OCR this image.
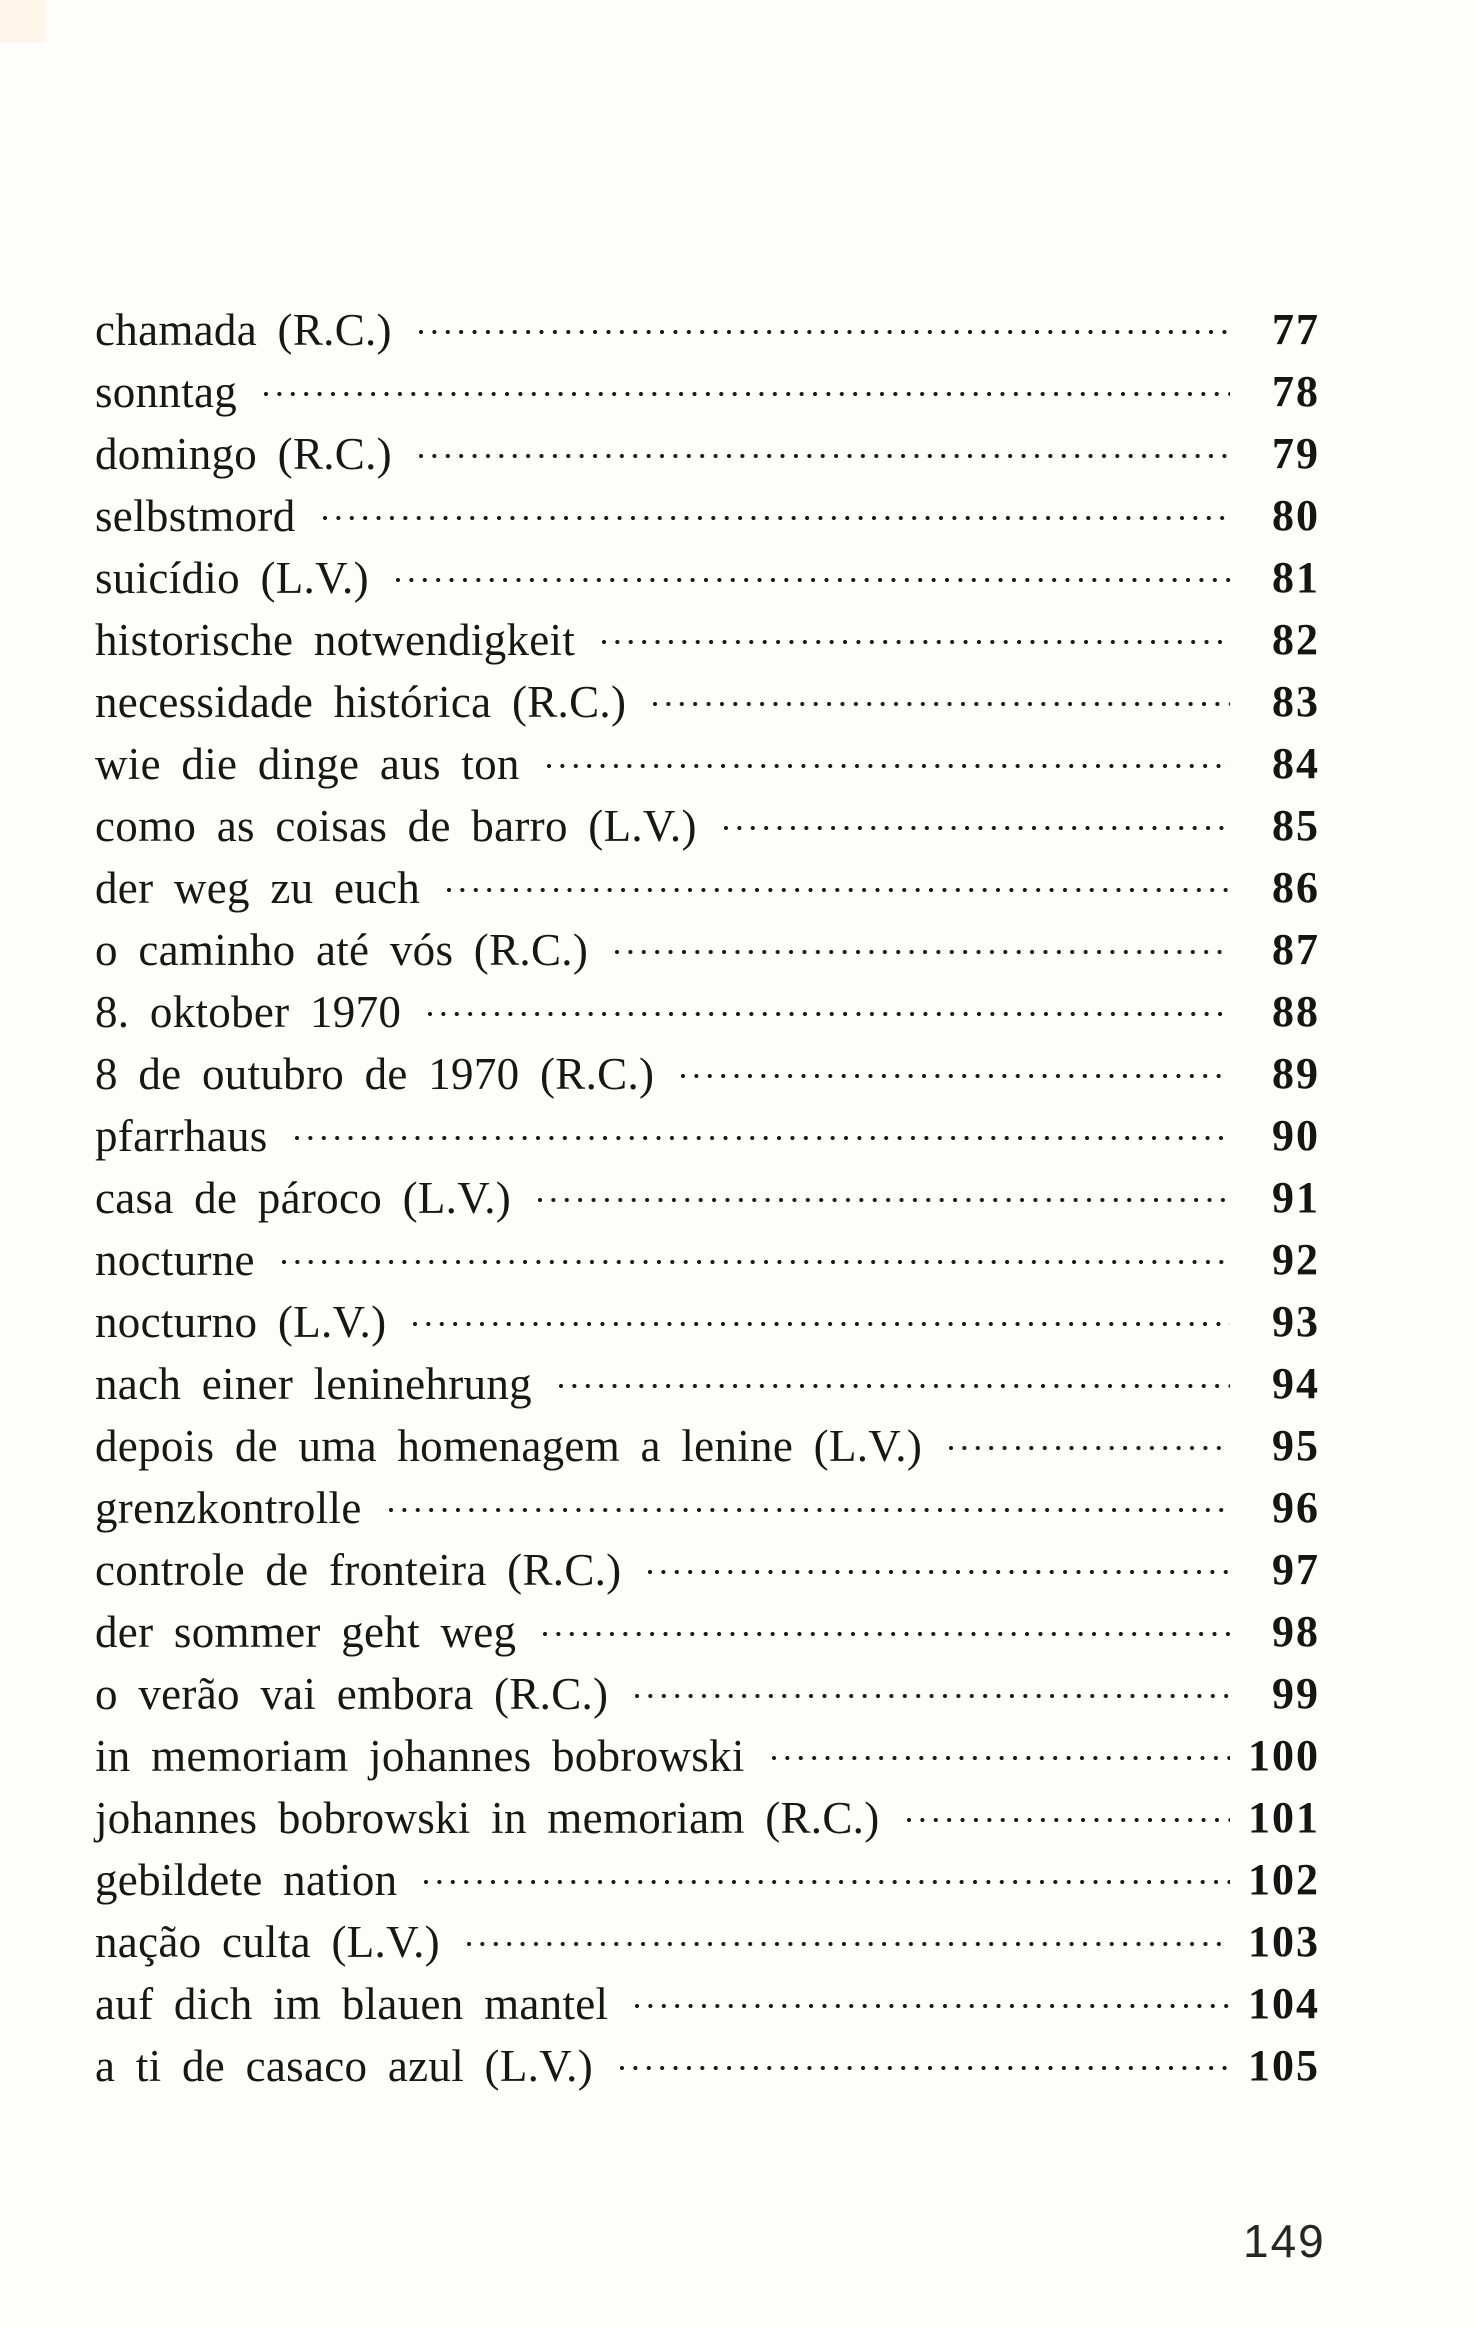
chamada (R.C.)	77
sonntag	78
domingo (R.C.)	79
selbstmord	80
suicídio (L.V.)	81
historische notwendigkeit	82
necessidade histórica (R.C.)	83
wie die dinge aus ton	84
como as coisas de barro (L.V.)	85
der weg zu euch	86
o caminho até vós (R.C.)	87
8. oktober 1970	88
8 de outubro de 1970 (R.C.)	89
pfarrhaus	90
casa de pároco (L.V.)	91
nocturne	92
nocturno (L.V.)	93
nach einer leninehrung	94
depois de uma homenagem a lenine (L.V.)	95
grenzkontrolle	96
controle de fronteira (R.C.)	97
der sommer geht weg	98
o verão vai embora (R.C.)	99
in memoriam johannes bobrowski	100
johannes bobrowski in memoriam (R.C.)	101
gebildete nation	102
nação culta (L.V.)	103
auf dich im blauen mantel	104
a ti de casaco azul (L.V.)	105
149
